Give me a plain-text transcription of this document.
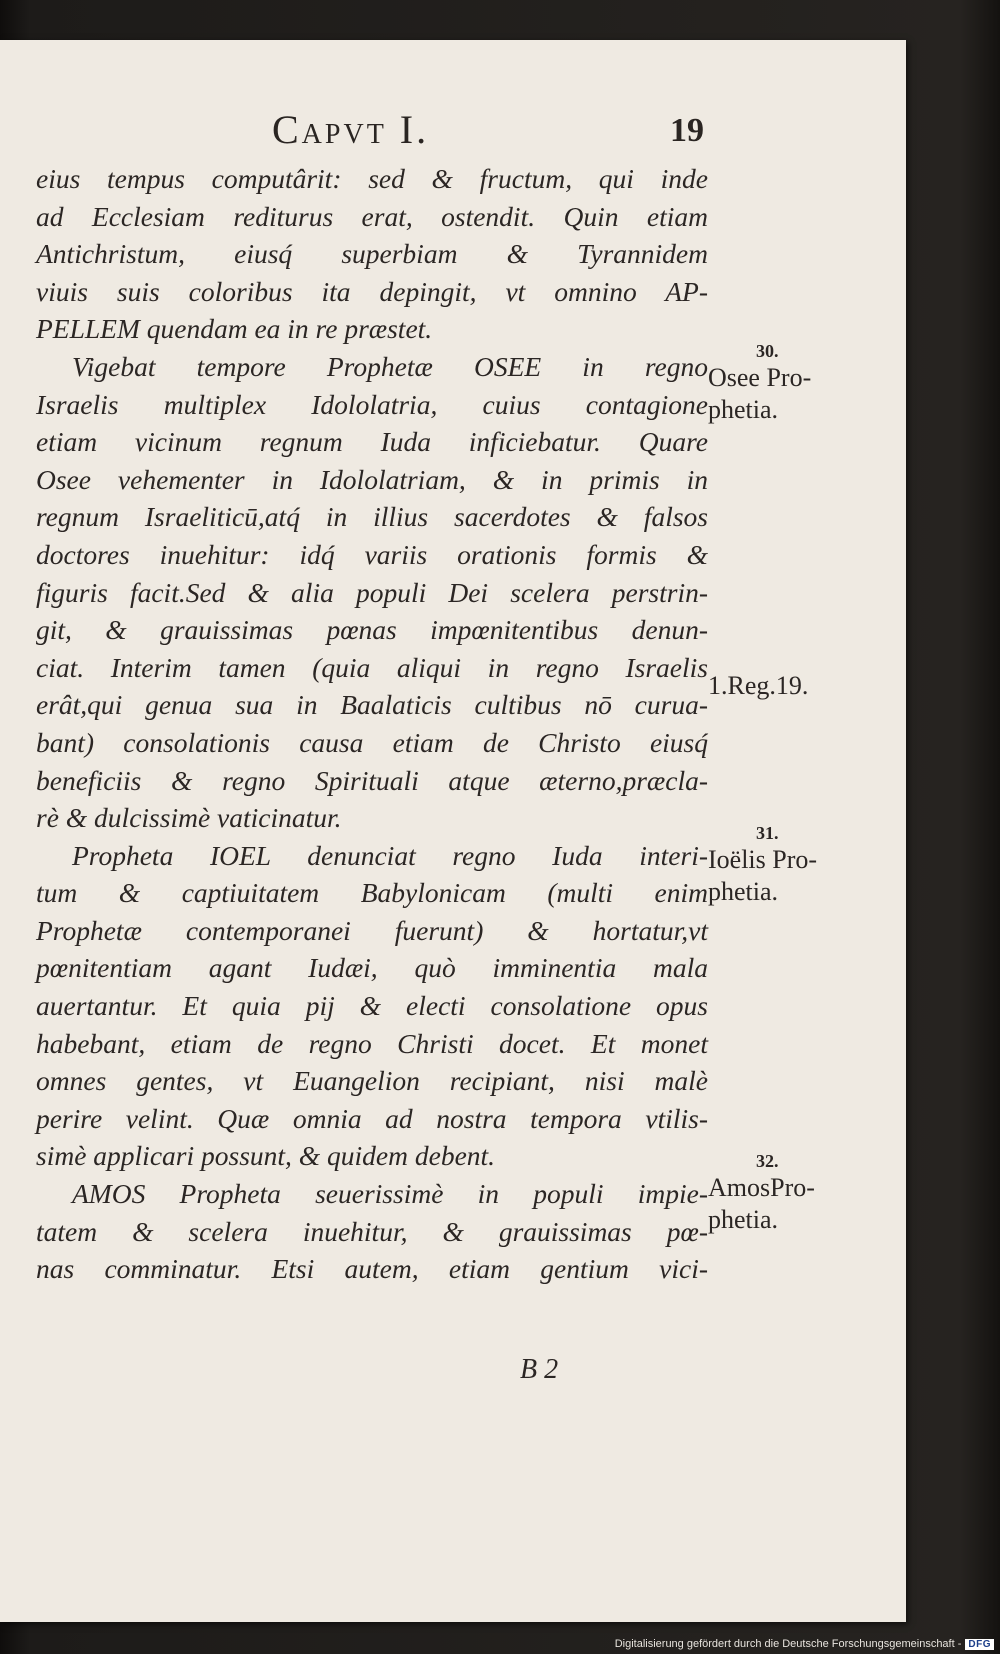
Capvt I.	19
eius tempus computârit: sed & fructum, qui inde
ad Ecclesiam rediturus erat, ostendit. Quin etiam
Antichristum, eiusq́ superbiam & Tyrannidem
viuis suis coloribus ita depingit, vt omnino AP-
PELLEM quendam ea in re præstet.
Vigebat tempore Prophetæ OSEE in regno
Israelis multiplex Idololatria, cuius contagione
etiam vicinum regnum Iuda inficiebatur. Quare
Osee vehementer in Idololatriam, & in primis in
regnum Israeliticū,atq́ in illius sacerdotes & falsos
doctores inuehitur: idq́ variis orationis formis &
figuris facit.Sed & alia populi Dei scelera perstrin-
git, & grauissimas pœnas impœnitentibus denun-
ciat. Interim tamen (quia aliqui in regno Israelis
erât,qui genua sua in Baalaticis cultibus nō curua-
bant) consolationis causa etiam de Christo eiusq́
beneficiis & regno Spirituali atque æterno,præcla-
rè & dulcissimè vaticinatur.
Propheta IOEL denunciat regno Iuda interi-
tum & captiuitatem Babylonicam (multi enim
Prophetæ contemporanei fuerunt) & hortatur,vt
pœnitentiam agant Iudæi, quò imminentia mala
auertantur. Et quia pij & electi consolatione opus
habebant, etiam de regno Christi docet. Et monet
omnes gentes, vt Euangelion recipiant, nisi malè
perire velint. Quæ omnia ad nostra tempora vtilis-
simè applicari possunt, & quidem debent.
AMOS Propheta seuerissimè in populi impie-
tatem & scelera inuehitur, & grauissimas pœ-
nas comminatur. Etsi autem, etiam gentium vici-
30.
Osee Pro-
phetia.
1.Reg.19.
31.
Ioëlis Pro-
phetia.
32.
AmosPro-
phetia.
B 2
Digitalisierung gefördert durch die Deutsche Forschungsgemeinschaft - DFG
